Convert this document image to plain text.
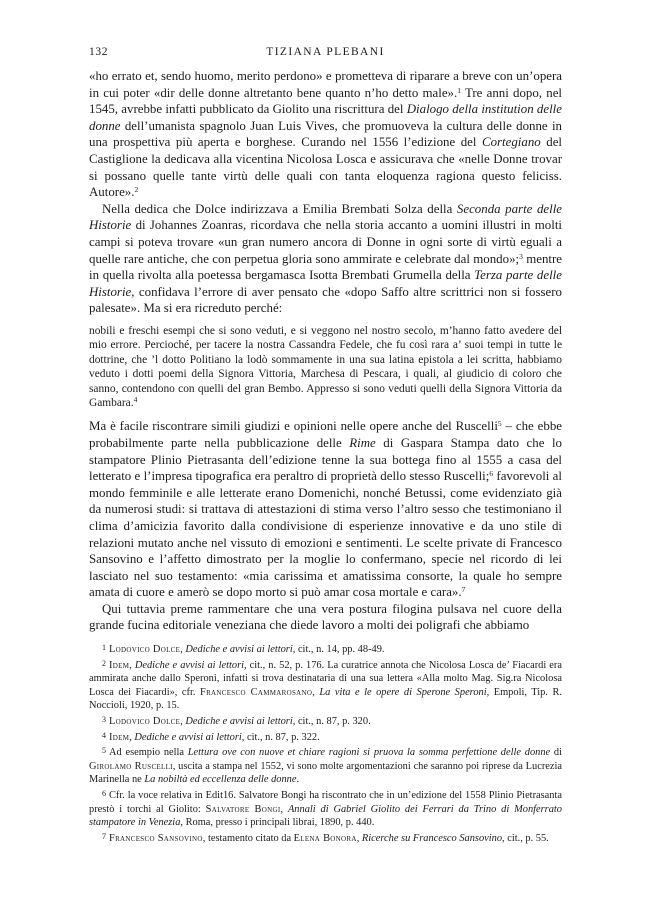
132	TIZIANA PLEBANI

«ho errato et, sendo huomo, merito perdono» e prometteva di riparare a breve con un’opera in cui poter «dir delle donne altretanto bene quanto n’ho detto male».$^1$ Tre anni dopo, nel 1545, avrebbe infatti pubblicato da Giolito una riscrittura del Dialogo della institution delle donne dell’umanista spagnolo Juan Luis Vives, che promuoveva la cultura delle donne in una prospettiva più aperta e borghese. Curando nel 1556 l’edizione del Cortegiano del Castiglione la dedicava alla vicentina Nicolosa Losca e assicurava che «nelle Donne trovar si possano quelle tante virtù delle quali con tanta eloquenza ragiona questo feliciss. Autore».$^2$

Nella dedica che Dolce indirizzava a Emilia Brembati Solza della Seconda parte delle Historie di Johannes Zoanras, ricordava che nella storia accanto a uomini illustri in molti campi si poteva trovare «un gran numero ancora di Donne in ogni sorte di virtù eguali a quelle rare antiche, che con perpetua gloria sono ammirate e celebrate dal mondo»;$^3$ mentre in quella rivolta alla poetessa bergamasca Isotta Brembati Grumella della Terza parte delle Historie, confidava l’errore di aver pensato che «dopo Saffo altre scrittrici non si fossero palesate». Ma si era ricreduto perché:

nobili e freschi esempi che si sono veduti, e si veggono nel nostro secolo, m’hanno fatto avedere del mio errore. Percioché, per tacere la nostra Cassandra Fedele, che fu così rara a’ suoi tempi in tutte le dottrine, che ’l dotto Politiano la lodò sommamente in una sua latina epistola a lei scritta, habbiamo veduto i dotti poemi della Signora Vittoria, Marchesa di Pescara, i quali, al giudicio di coloro che sanno, contendono con quelli del gran Bembo. Appresso si sono veduti quelli della Signora Vittoria da Gambara.$^4$

Ma è facile riscontrare simili giudizi e opinioni nelle opere anche del Ruscelli$^5$ – che ebbe probabilmente parte nella pubblicazione delle Rime di Gaspara Stampa dato che lo stampatore Plinio Pietrasanta dell’edizione tenne la sua bottega fino al 1555 a casa del letterato e l’impresa tipografica era peraltro di proprietà dello stesso Ruscelli;$^6$ favorevoli al mondo femminile e alle letterate erano Domenichi, nonché Betussi, come evidenziato già da numerosi studi: si trattava di attestazioni di stima verso l’altro sesso che testimoniano il clima d’amicizia favorito dalla condivisione di esperienze innovative e da uno stile di relazioni mutato anche nel vissuto di emozioni e sentimenti. Le scelte private di Francesco Sansovino e l’affetto dimostrato per la moglie lo confermano, specie nel ricordo di lei lasciato nel suo testamento: «mia carissima et amatissima consorte, la quale ho sempre amata di cuore e amerò se dopo morto si può amar cosa mortale e cara».$^7$

Qui tuttavia preme rammentare che una vera postura filogina pulsava nel cuore della grande fucina editoriale veneziana che diede lavoro a molti dei poligrafi che abbiamo

1 Lodovico Dolce, Dediche e avvisi ai lettori, cit., n. 14, pp. 48-49.

2 Idem, Dediche e avvisi ai lettori, cit., n. 52, p. 176. La curatrice annota che Nicolosa Losca de’ Fiacardi era ammirata anche dallo Speroni, infatti si trova destinataria di una sua lettera «Alla molto Mag. Sig.ra Nicolosa Losca dei Fiacardi», cfr. Francesco Cammarosano, La vita e le opere di Sperone Speroni, Empoli, Tip. R. Noccioli, 1920, p. 15.

3 Lodovico Dolce, Dediche e avvisi ai lettori, cit., n. 87, p. 320.

4 Idem, Dediche e avvisi ai lettori, cit., n. 87, p. 322.

5 Ad esempio nella Lettura ove con nuove et chiare ragioni si pruova la somma perfettione delle donne di Girolamo Ruscelli, uscita a stampa nel 1552, vi sono molte argomentazioni che saranno poi riprese da Lucrezia Marinella ne La nobiltà ed eccellenza delle donne.

6 Cfr. la voce relativa in Edit16. Salvatore Bongi ha riscontrato che in un’edizione del 1558 Plinio Pietrasanta prestò i torchi al Giolito: Salvatore Bongi, Annali di Gabriel Giolito dei Ferrari da Trino di Monferrato stampatore in Venezia, Roma, presso i principali librai, 1890, p. 440.

7 Francesco Sansovino, testamento citato da Elena Bonora, Ricerche su Francesco Sansovino, cit., p. 55.
